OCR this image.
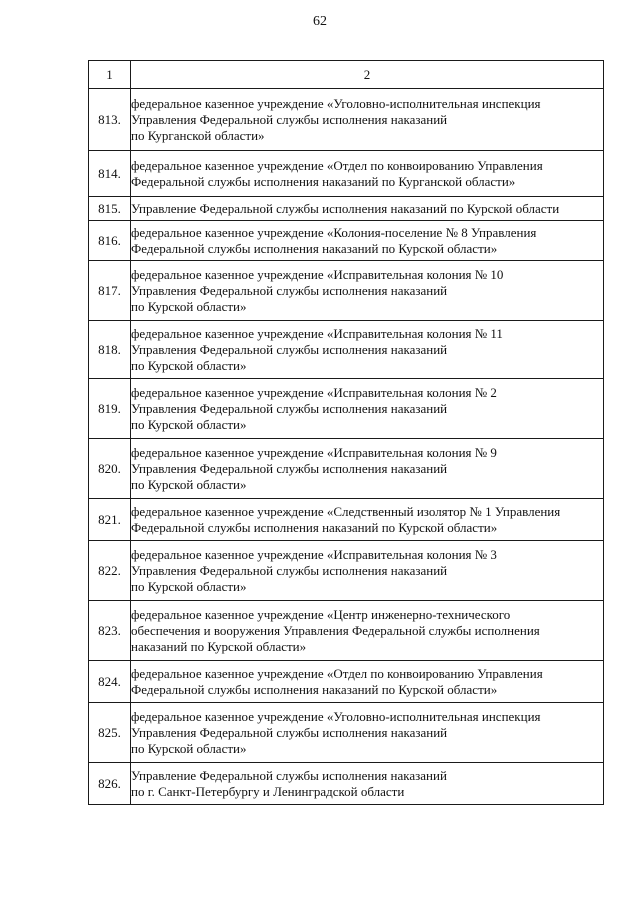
62
1	2
813.	федеральное казенное учреждение «Уголовно-исполнительная инспекция
Управления Федеральной службы исполнения наказаний
по Курганской области»

814.	федеральное казенное учреждение «Отдел по конвоированию Управления
Федеральной службы исполнения наказаний по Курганской области»

815.	Управление Федеральной службы исполнения наказаний по Курской области

816.	федеральное казенное учреждение «Колония-поселение № 8 Управления
Федеральной службы исполнения наказаний по Курской области»

817.	федеральное казенное учреждение «Исправительная колония № 10
Управления Федеральной службы исполнения наказаний
по Курской области»

818.	федеральное казенное учреждение «Исправительная колония № 11
Управления Федеральной службы исполнения наказаний
по Курской области»

819.	федеральное казенное учреждение «Исправительная колония № 2
Управления Федеральной службы исполнения наказаний
по Курской области»

820.	федеральное казенное учреждение «Исправительная колония № 9
Управления Федеральной службы исполнения наказаний
по Курской области»

821.	федеральное казенное учреждение «Следственный изолятор № 1 Управления
Федеральной службы исполнения наказаний по Курской области»

822.	федеральное казенное учреждение «Исправительная колония № 3
Управления Федеральной службы исполнения наказаний
по Курской области»

823.	федеральное казенное учреждение «Центр инженерно-технического
обеспечения и вооружения Управления Федеральной службы исполнения
наказаний по Курской области»

824.	федеральное казенное учреждение «Отдел по конвоированию Управления
Федеральной службы исполнения наказаний по Курской области»

825.	федеральное казенное учреждение «Уголовно-исполнительная инспекция
Управления Федеральной службы исполнения наказаний
по Курской области»

826.	Управление Федеральной службы исполнения наказаний
по г. Санкт-Петербургу и Ленинградской области
